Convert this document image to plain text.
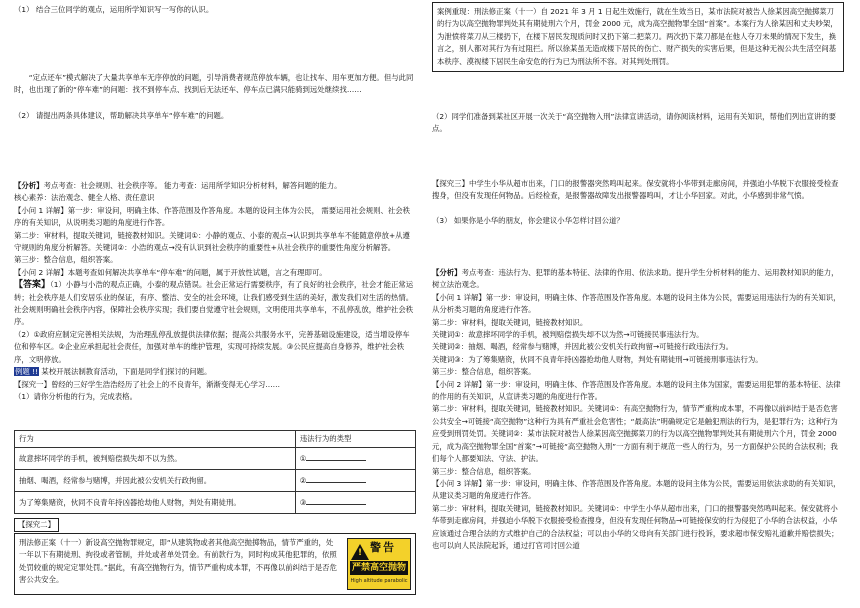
（1） 结合三位同学的观点，运用所学知识写一写你的认识。

“定点还车”模式解决了大量共享单车无序停放的问题，引导消费者规范停放车辆，也让找车、用车更加方便。但与此同时，也出现了新的“停车难”的问题：找不到停车点、找到后无法还车、停车点已满只能骑到远处继续找……

（2） 请提出两条具体建议，帮助解决共享单车“停车难”的问题。

【分析】考点考查：社会规则、社会秩序等。 能力考查：运用所学知识分析材料，解答问题的能力。

核心素养：法治观念、健全人格、责任意识

【小问 1 详解】第一步：审设问，明确主体、作答范围及作答角度。本题的设问主体为公民， 需要运用社会规则、社会秩序的有关知识，从说明类习题的角度进行作答。

第二步：审材料，提取关键词，链接教材知识。关键词①：小静的观点、小泰的观点→认识到共享单车不能随意停放+从遵守规则的角度分析解答。关键词②：小浩的观点→没有认识到社会秩序的重要性+从社会秩序的重要性角度分析解答。

第三步：整合信息，组织答案。

【小问 2 详解】本题考查如何解决共享单车“停车难”的问题，属于开放性试题，言之有理即可。

【答案】（1）小静与小浩的观点正确，小泰的观点错误。社会正常运行需要秩序，有了良好的社会秩序，社会才能正常运转；社会秩序是人们安居乐业的保证，有序、整洁、安全的社会环境，让我们感受到生活的美好，激发我们对生活的热情。社会规则明确社会秩序内容，保障社会秩序实现；我们要自觉遵守社会规则，文明使用共享单车，不乱停乱放，维护社会秩序。

（2）①政府应制定完善相关法规，为治理乱停乱放提供法律依据；提高公共服务水平，完善基础设施建设，适当增设停车位和停车区。②企业应承担起社会责任，加强对单车的维护管理，实现可持续发展。③公民应提高自身修养，维护社会秩序，文明停放。

例题 !! 某校开展法制教育活动，下面是同学们探讨的问题。

【探究一】曾经的三好学生浩浩经历了社会上的不良青年，渐渐变得无心学习……

（1）请你分析他的行为，完成表格。

行为	违法行为的类型
故意摔坏同学的手机，被判赔偿损失却不以为然。	①
抽烟、喝酒，经常参与赌博，并因此被公安机关行政拘留。	②
为了筹集赌资，伙同不良青年持凶器抢劫他人财物，判处有期徒刑。	③

【探究二】

刑法修正案（十一）新设高空抛物罪规定，即“从建筑物或者其他高空抛掷物品，情节严重的，处一年以下有期徒刑、拘役或者管制，并处或者单处罚金。有前款行为，同时构成其他犯罪的，依照处罚较重的规定定罪处罚。”据此，有高空抛物行为，情节严重构成本罪，不再像以前纠结于是否危害公共安全。

!
警告
严禁高空抛物
High altitude parabolic

案例重现：刑法修正案（十一）自 2021 年 3 月 1 日起生效施行，就在生效当日，某市法院对被告人徐某因高空抛掷菜刀的行为以高空抛物罪判处其有期徒刑六个月，罚金 2000 元，成为高空抛物罪全国“首案”。本案行为人徐某因和丈夫吵架，为泄愤将菜刀从三楼扔下，在楼下居民发现质问时又扔下第二把菜刀。两次扔下菜刀都是在他人夺刀未果的情况下发生，换言之，别人都对其行为有过阻拦。所以徐某虽无造成楼下居民的伤亡、财产损失的实害后果，但是这种无视公共生活空间基本秩序、漠视楼下居民生命安危的行为已为刑法所不容。对其判处刑罚。

（2）同学们准备到某社区开展一次关于“高空抛物入刑”法律宣讲活动，请你阅读材料，运用有关知识，帮他们列出宣讲的要点。

【探究三】中学生小华从超市出来，门口的报警器突然鸣叫起来。保安就将小华带到走廊房间，并强迫小华脱下衣服接受检查搜身，但没有发现任何物品。后经检查，是报警器故障发出报警器鸣叫，才让小华回家。对此，小华感到非常气愤。

（3） 如果你是小华的朋友，你会建议小华怎样讨回公道？

【分析】考点考查：违法行为、犯罪的基本特征、法律的作用、依法求助。提升学生分析材料的能力、运用教材知识的能力，树立法治观念。

【小问 1 详解】第一步：审设问，明确主体、作答范围及作答角度。本题的设问主体为公民，需要运用违法行为的有关知识，从分析类习题的角度进行作答。

第二步：审材料，提取关键词，链接教材知识。

关键词①：故意摔坏同学的手机，被判赔偿损失却不以为然→可链接民事违法行为。

关键词②：抽烟、喝酒，经常参与赌博，并因此被公安机关行政拘留→可链接行政违法行为。

关键词③：为了筹集赌资，伙同不良青年持凶器抢劫他人财物，判处有期徒刑→可链接刑事违法行为。

第三步：整合信息，组织答案。

【小问 2 详解】第一步：审设问，明确主体、作答范围及作答角度。本题的设问主体为国家，需要运用犯罪的基本特征、法律的作用的有关知识，从宣讲类习题的角度进行作答。

第二步：审材料，提取关键词，链接教材知识。关键词①：有高空抛物行为，情节严重构成本罪，不再像以前纠结于是否危害公共安全→可链接“高空抛物”这种行为具有严重社会危害性；“最高法”明确规定它是触犯刑法的行为，是犯罪行为；这种行为应受到刑罚处罚。关键词②：某市法院对被告人徐某因高空抛掷菜刀的行为以高空抛物罪判处其有期徒刑六个月，罚金 2000 元，成为高空抛物罪全国“首案”→可链接“高空抛物入刑”一方面有利于规范一些人的行为，另一方面保护公民的合法权利；我们每个人都要知法、守法、护法。

第三步：整合信息，组织答案。

【小问 3 详解】第一步：审设问，明确主体、作答范围及作答角度。本题的设问主体为公民，需要运用依法求助的有关知识，从建议类习题的角度进行作答。

第二步：审材料，提取关键词，链接教材知识。关键词①：中学生小华从超市出来，门口的报警器突然鸣叫起来。保安就将小华带到走廊房间，并强迫小华脱下衣服接受检查搜身，但没有发现任何物品→可链接保安的行为侵犯了小华的合法权益，小华应该通过合理合法的方式维护自己的合法权益；可以由小华的父母向有关部门进行投诉，要求超市保安赔礼道歉并赔偿损失；也可以向人民法院起诉，通过打官司讨回公道
